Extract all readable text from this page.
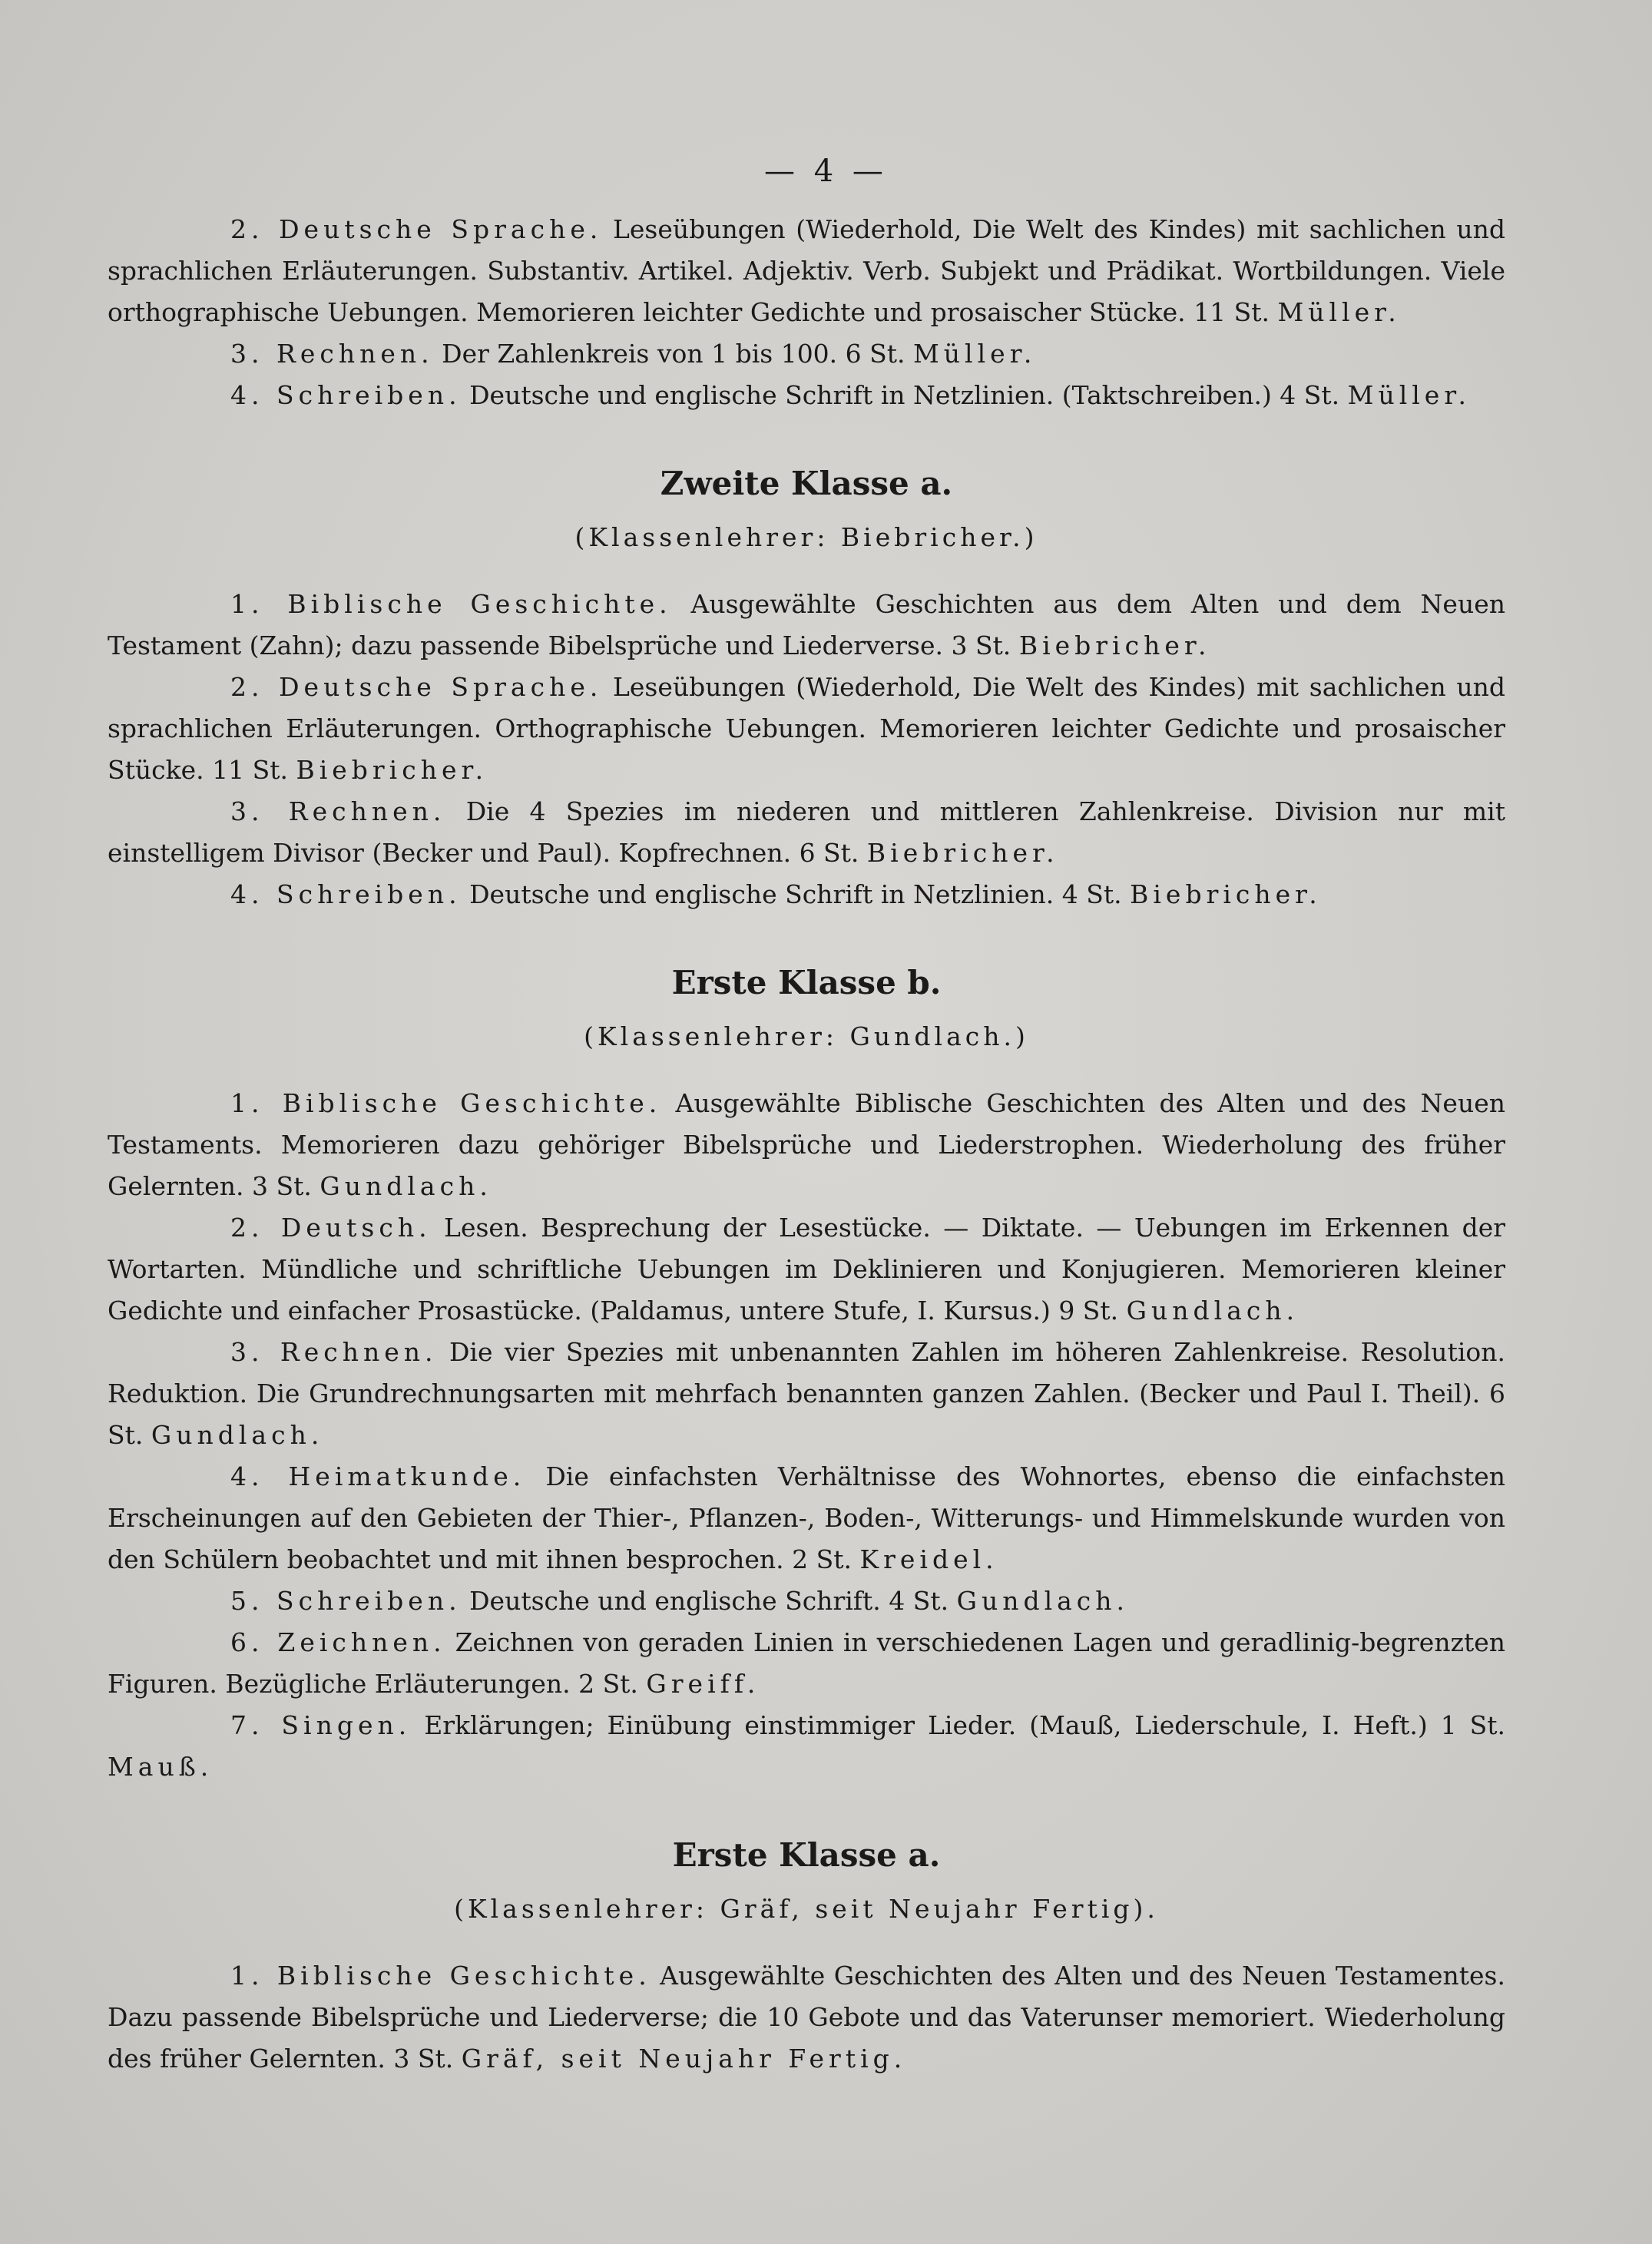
— 4 —

2. Deutsche Sprache. Leseübungen (Wiederhold, Die Welt des Kindes) mit sachlichen und sprachlichen Erläuterungen. Substantiv. Artikel. Adjektiv. Verb. Subjekt und Prädikat. Wortbildungen. Viele orthographische Uebungen. Memorieren leichter Gedichte und prosaischer Stücke. 11 St. Müller.

3. Rechnen. Der Zahlenkreis von 1 bis 100. 6 St. Müller.

4. Schreiben. Deutsche und englische Schrift in Netzlinien. (Taktschreiben.) 4 St. Müller.

Zweite Klasse a.
(Klassenlehrer: Biebricher.)

1. Biblische Geschichte. Ausgewählte Geschichten aus dem Alten und dem Neuen Testament (Zahn); dazu passende Bibelsprüche und Liederverse. 3 St. Biebricher.

2. Deutsche Sprache. Leseübungen (Wiederhold, Die Welt des Kindes) mit sachlichen und sprachlichen Erläuterungen. Orthographische Uebungen. Memorieren leichter Gedichte und prosaischer Stücke. 11 St. Biebricher.

3. Rechnen. Die 4 Spezies im niederen und mittleren Zahlenkreise. Division nur mit einstelligem Divisor (Becker und Paul). Kopfrechnen. 6 St. Biebricher.

4. Schreiben. Deutsche und englische Schrift in Netzlinien. 4 St. Biebricher.

Erste Klasse b.
(Klassenlehrer: Gundlach.)

1. Biblische Geschichte. Ausgewählte Biblische Geschichten des Alten und des Neuen Testaments. Memorieren dazu gehöriger Bibelsprüche und Liederstrophen. Wiederholung des früher Gelernten. 3 St. Gundlach.

2. Deutsch. Lesen. Besprechung der Lesestücke. — Diktate. — Uebungen im Erkennen der Wortarten. Mündliche und schriftliche Uebungen im Deklinieren und Konjugieren. Memorieren kleiner Gedichte und einfacher Prosastücke. (Paldamus, untere Stufe, I. Kursus.) 9 St. Gundlach.

3. Rechnen. Die vier Spezies mit unbenannten Zahlen im höheren Zahlenkreise. Resolution. Reduktion. Die Grundrechnungsarten mit mehrfach benannten ganzen Zahlen. (Becker und Paul I. Theil). 6 St. Gundlach.

4. Heimatkunde. Die einfachsten Verhältnisse des Wohnortes, ebenso die einfachsten Erscheinungen auf den Gebieten der Thier-, Pflanzen-, Boden-, Witterungs- und Himmelskunde wurden von den Schülern beobachtet und mit ihnen besprochen. 2 St. Kreidel.

5. Schreiben. Deutsche und englische Schrift. 4 St. Gundlach.

6. Zeichnen. Zeichnen von geraden Linien in verschiedenen Lagen und geradlinig-begrenzten Figuren. Bezügliche Erläuterungen. 2 St. Greiff.

7. Singen. Erklärungen; Einübung einstimmiger Lieder. (Mauß, Liederschule, I. Heft.) 1 St. Mauß.

Erste Klasse a.
(Klassenlehrer: Gräf, seit Neujahr Fertig).

1. Biblische Geschichte. Ausgewählte Geschichten des Alten und des Neuen Testamentes. Dazu passende Bibelsprüche und Liederverse; die 10 Gebote und das Vaterunser memoriert. Wiederholung des früher Gelernten. 3 St. Gräf, seit Neujahr Fertig.
